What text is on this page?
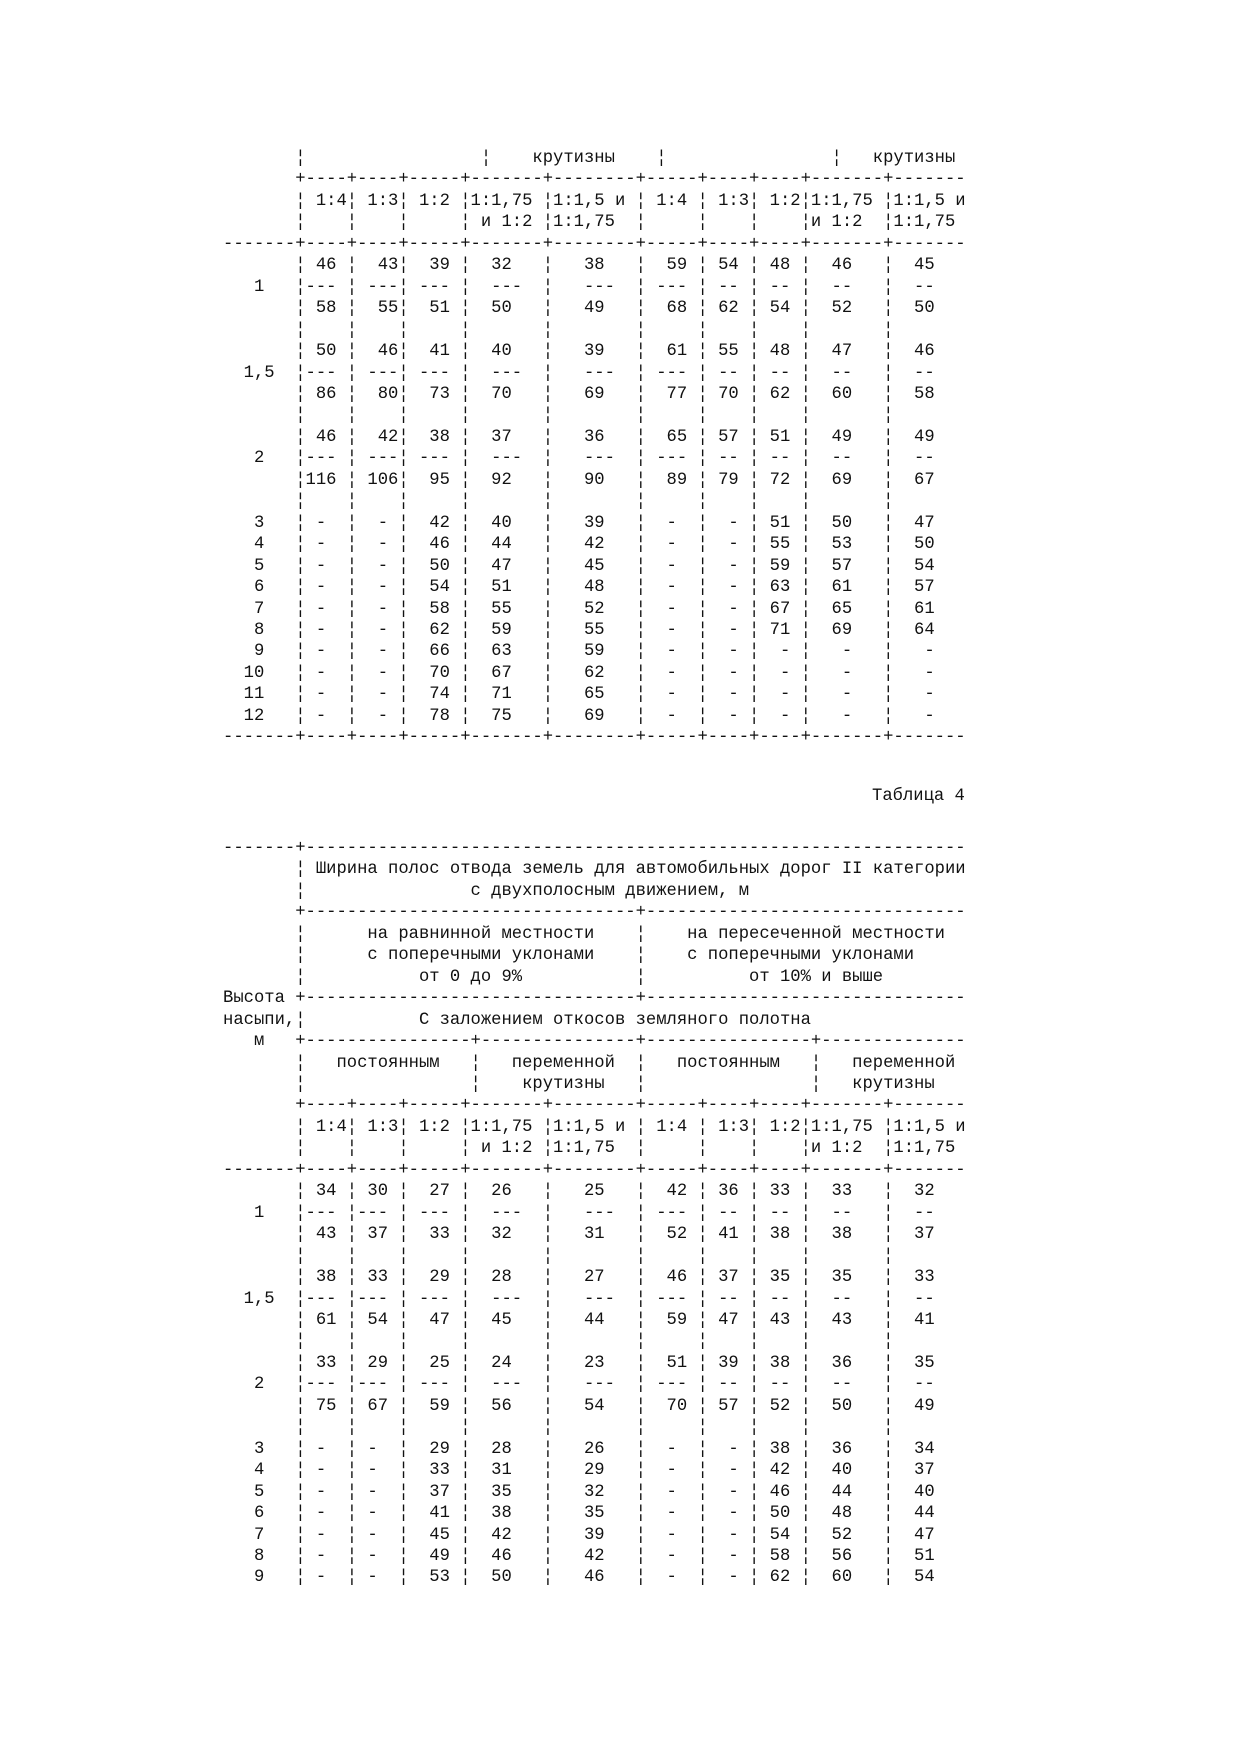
¦                 ¦    крутизны    ¦                ¦   крутизны
+----+----+-----+-------+--------+-----+----+----+-------+-------
¦ 1:4¦ 1:3¦ 1:2 ¦1:1,75 ¦1:1,5 и ¦ 1:4 ¦ 1:3¦ 1:2¦1:1,75 ¦1:1,5 и
¦    ¦    ¦     ¦ и 1:2 ¦1:1,75  ¦     ¦    ¦    ¦и 1:2  ¦1:1,75
-------+----+----+-----+-------+--------+-----+----+----+-------+-------
¦ 46 ¦  43¦  39 ¦  32   ¦   38   ¦  59 ¦ 54 ¦ 48 ¦  46   ¦  45
1   ¦--- ¦ ---¦ --- ¦  ---  ¦   ---  ¦ --- ¦ -- ¦ -- ¦  --   ¦  --
¦ 58 ¦  55¦  51 ¦  50   ¦   49   ¦  68 ¦ 62 ¦ 54 ¦  52   ¦  50
¦    ¦    ¦     ¦       ¦        ¦     ¦    ¦    ¦       ¦
¦ 50 ¦  46¦  41 ¦  40   ¦   39   ¦  61 ¦ 55 ¦ 48 ¦  47   ¦  46
1,5  ¦--- ¦ ---¦ --- ¦  ---  ¦   ---  ¦ --- ¦ -- ¦ -- ¦  --   ¦  --
¦ 86 ¦  80¦  73 ¦  70   ¦   69   ¦  77 ¦ 70 ¦ 62 ¦  60   ¦  58
¦    ¦    ¦     ¦       ¦        ¦     ¦    ¦    ¦       ¦
¦ 46 ¦  42¦  38 ¦  37   ¦   36   ¦  65 ¦ 57 ¦ 51 ¦  49   ¦  49
2   ¦--- ¦ ---¦ --- ¦  ---  ¦   ---  ¦ --- ¦ -- ¦ -- ¦  --   ¦  --
¦116 ¦ 106¦  95 ¦  92   ¦   90   ¦  89 ¦ 79 ¦ 72 ¦  69   ¦  67
¦    ¦    ¦     ¦       ¦        ¦     ¦    ¦    ¦       ¦
3   ¦ -  ¦  - ¦  42 ¦  40   ¦   39   ¦  -  ¦  - ¦ 51 ¦  50   ¦  47
4   ¦ -  ¦  - ¦  46 ¦  44   ¦   42   ¦  -  ¦  - ¦ 55 ¦  53   ¦  50
5   ¦ -  ¦  - ¦  50 ¦  47   ¦   45   ¦  -  ¦  - ¦ 59 ¦  57   ¦  54
6   ¦ -  ¦  - ¦  54 ¦  51   ¦   48   ¦  -  ¦  - ¦ 63 ¦  61   ¦  57
7   ¦ -  ¦  - ¦  58 ¦  55   ¦   52   ¦  -  ¦  - ¦ 67 ¦  65   ¦  61
8   ¦ -  ¦  - ¦  62 ¦  59   ¦   55   ¦  -  ¦  - ¦ 71 ¦  69   ¦  64
9   ¦ -  ¦  - ¦  66 ¦  63   ¦   59   ¦  -  ¦  - ¦  - ¦   -   ¦   -
10   ¦ -  ¦  - ¦  70 ¦  67   ¦   62   ¦  -  ¦  - ¦  - ¦   -   ¦   -
11   ¦ -  ¦  - ¦  74 ¦  71   ¦   65   ¦  -  ¦  - ¦  - ¦   -   ¦   -
12   ¦ -  ¦  - ¦  78 ¦  75   ¦   69   ¦  -  ¦  - ¦  - ¦   -   ¦   -
-------+----+----+-----+-------+--------+-----+----+----+-------+-------
Таблица 4
-------+----------------------------------------------------------------
¦ Ширина полос отвода земель для автомобильных дорог II категории
¦                с двухполосным движением, м
+--------------------------------+-------------------------------
¦      на равнинной местности    ¦    на пересеченной местности
¦      с поперечными уклонами    ¦    с поперечными уклонами
¦           от 0 до 9%           ¦          от 10% и выше
Высота +--------------------------------+-------------------------------
насыпи,¦           С заложением откосов земляного полотна
м   +----------------+---------------+----------------+--------------
¦   постоянным   ¦   переменной  ¦   постоянным   ¦   переменной
¦                ¦    крутизны   ¦                ¦   крутизны
+----+----+-----+-------+--------+-----+----+----+-------+-------
¦ 1:4¦ 1:3¦ 1:2 ¦1:1,75 ¦1:1,5 и ¦ 1:4 ¦ 1:3¦ 1:2¦1:1,75 ¦1:1,5 и
¦    ¦    ¦     ¦ и 1:2 ¦1:1,75  ¦     ¦    ¦    ¦и 1:2  ¦1:1,75
-------+----+----+-----+-------+--------+-----+----+----+-------+-------
¦ 34 ¦ 30 ¦  27 ¦  26   ¦   25   ¦  42 ¦ 36 ¦ 33 ¦  33   ¦  32
1   ¦--- ¦--- ¦ --- ¦  ---  ¦   ---  ¦ --- ¦ -- ¦ -- ¦  --   ¦  --
¦ 43 ¦ 37 ¦  33 ¦  32   ¦   31   ¦  52 ¦ 41 ¦ 38 ¦  38   ¦  37
¦    ¦    ¦     ¦       ¦        ¦     ¦    ¦    ¦       ¦
¦ 38 ¦ 33 ¦  29 ¦  28   ¦   27   ¦  46 ¦ 37 ¦ 35 ¦  35   ¦  33
1,5  ¦--- ¦--- ¦ --- ¦  ---  ¦   ---  ¦ --- ¦ -- ¦ -- ¦  --   ¦  --
¦ 61 ¦ 54 ¦  47 ¦  45   ¦   44   ¦  59 ¦ 47 ¦ 43 ¦  43   ¦  41
¦    ¦    ¦     ¦       ¦        ¦     ¦    ¦    ¦       ¦
¦ 33 ¦ 29 ¦  25 ¦  24   ¦   23   ¦  51 ¦ 39 ¦ 38 ¦  36   ¦  35
2   ¦--- ¦--- ¦ --- ¦  ---  ¦   ---  ¦ --- ¦ -- ¦ -- ¦  --   ¦  --
¦ 75 ¦ 67 ¦  59 ¦  56   ¦   54   ¦  70 ¦ 57 ¦ 52 ¦  50   ¦  49
¦    ¦    ¦     ¦       ¦        ¦     ¦    ¦    ¦       ¦
3   ¦ -  ¦ -  ¦  29 ¦  28   ¦   26   ¦  -  ¦  - ¦ 38 ¦  36   ¦  34
4   ¦ -  ¦ -  ¦  33 ¦  31   ¦   29   ¦  -  ¦  - ¦ 42 ¦  40   ¦  37
5   ¦ -  ¦ -  ¦  37 ¦  35   ¦   32   ¦  -  ¦  - ¦ 46 ¦  44   ¦  40
6   ¦ -  ¦ -  ¦  41 ¦  38   ¦   35   ¦  -  ¦  - ¦ 50 ¦  48   ¦  44
7   ¦ -  ¦ -  ¦  45 ¦  42   ¦   39   ¦  -  ¦  - ¦ 54 ¦  52   ¦  47
8   ¦ -  ¦ -  ¦  49 ¦  46   ¦   42   ¦  -  ¦  - ¦ 58 ¦  56   ¦  51
9   ¦ -  ¦ -  ¦  53 ¦  50   ¦   46   ¦  -  ¦  - ¦ 62 ¦  60   ¦  54
